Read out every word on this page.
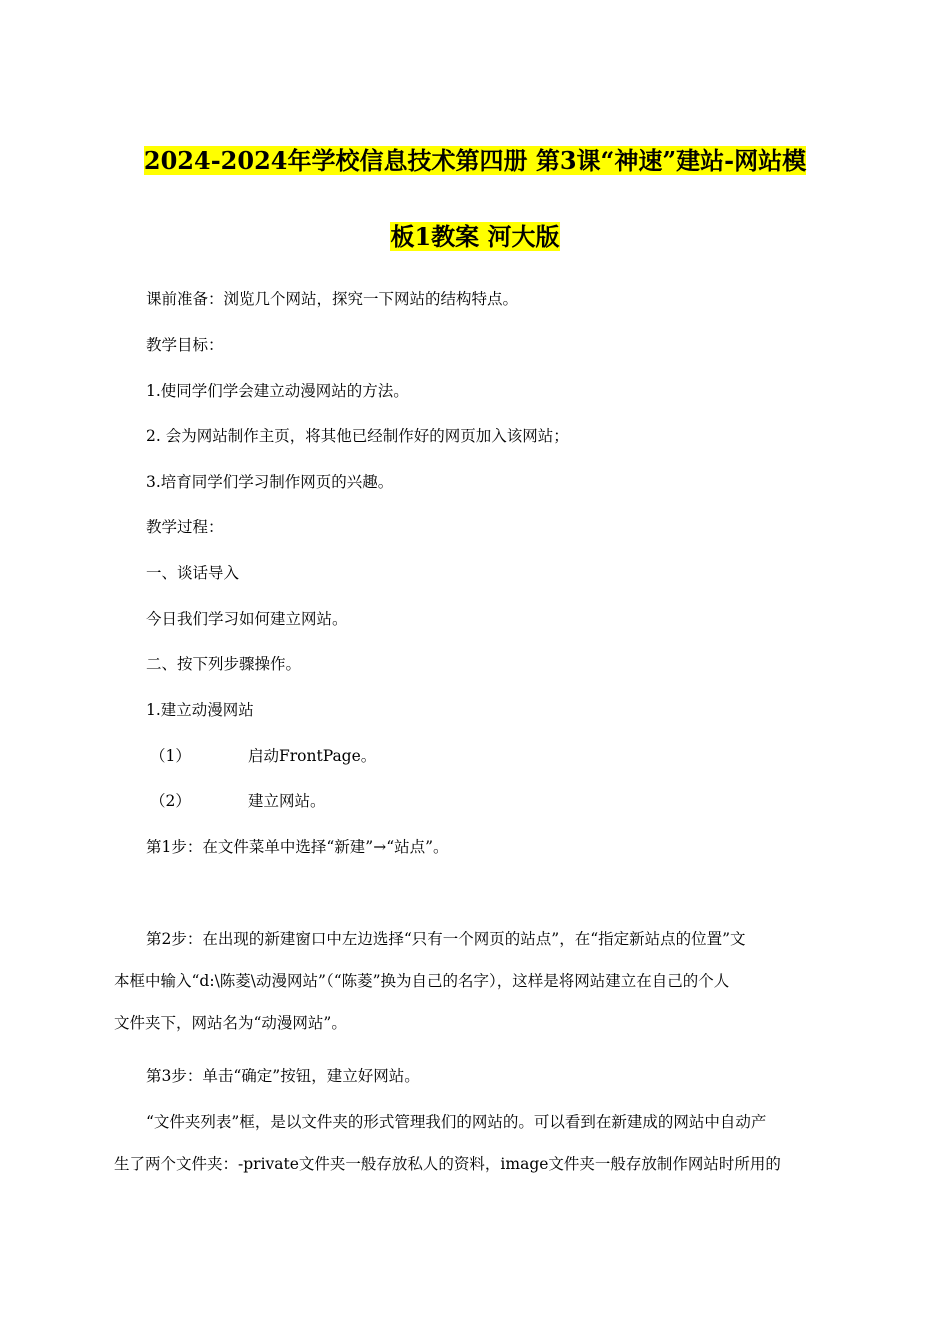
2024-2024年学校信息技术第四册 第3课“神速”建站-网站模
板1教案 河大版
课前准备：浏览几个网站，探究一下网站的结构特点。
教学目标：
1.使同学们学会建立动漫网站的方法。
2. 会为网站制作主页，将其他已经制作好的网页加入该网站；
3.培育同学们学习制作网页的兴趣。
教学过程：
一、谈话导入
今日我们学习如何建立网站。
二、按下列步骤操作。
1.建立动漫网站
（1）	启动FrontPage。
（2）	建立网站。
第1步：在文件菜单中选择“新建”→“站点”。
第2步：在出现的新建窗口中左边选择“只有一个网页的站点”，在“指定新站点的位置”文
本框中输入“d:\陈菱\动漫网站”（“陈菱”换为自己的名字），这样是将网站建立在自己的个人
文件夹下，网站名为“动漫网站”。
第3步：单击“确定”按钮，建立好网站。
“文件夹列表”框，是以文件夹的形式管理我们的网站的。可以看到在新建成的网站中自动产
生了两个文件夹：-private文件夹一般存放私人的资料，image文件夹一般存放制作网站时所用的
